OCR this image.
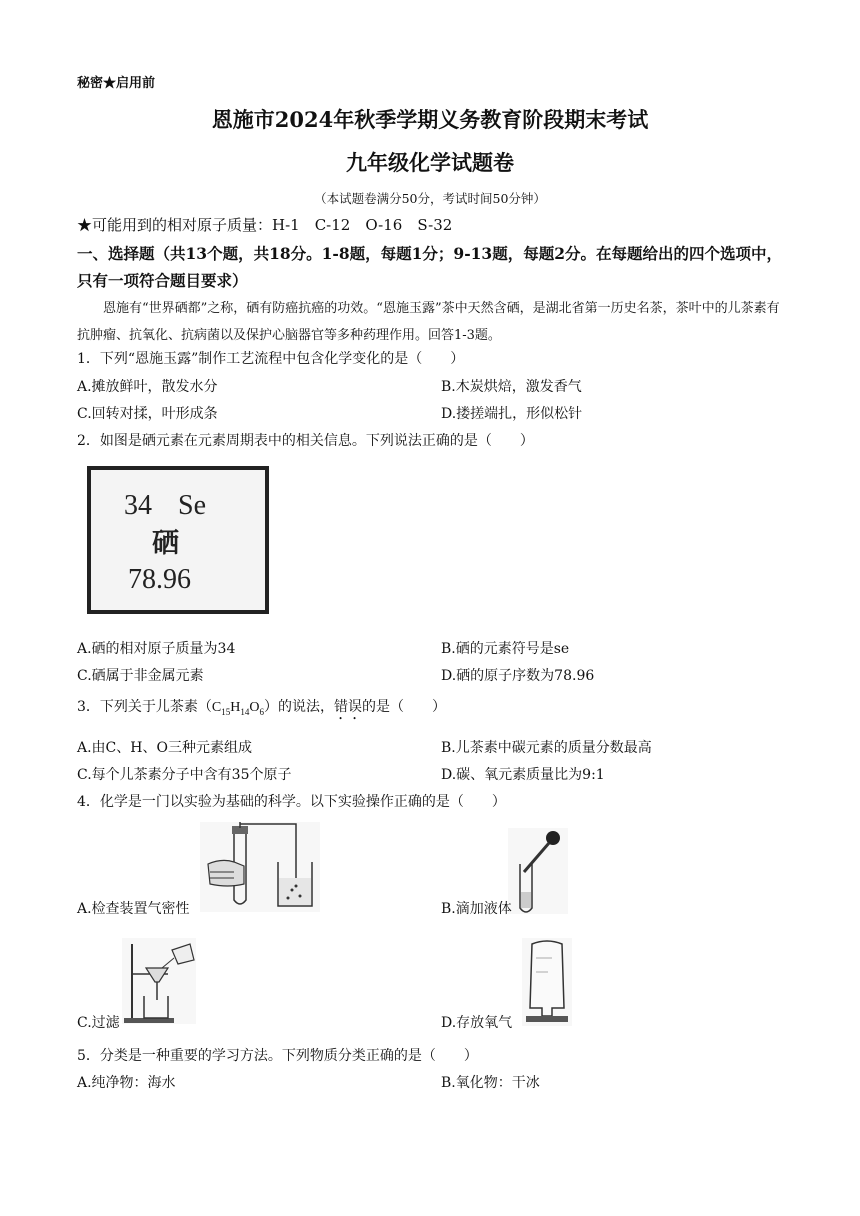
秘密★启用前
恩施市2024年秋季学期义务教育阶段期末考试
九年级化学试题卷
（本试题卷满分50分，考试时间50分钟）
★可能用到的相对原子质量：H-1　C-12　O-16　S-32
一、选择题（共13个题，共18分。1-8题，每题1分；9-13题，每题2分。在每题给出的四个选项中，只有一项符合题目要求）
恩施有“世界硒都”之称，硒有防癌抗癌的功效。“恩施玉露”茶中天然含硒，是湖北省第一历史名茶，茶叶中的儿茶素有抗肿瘤、抗氧化、抗病菌以及保护心脑器官等多种药理作用。回答1-3题。
1．下列“恩施玉露”制作工艺流程中包含化学变化的是（　　）
A.摊放鲜叶，散发水分	B.木炭烘焙，激发香气
C.回转对揉，叶形成条	D.搂搓端扎，形似松针
2．如图是硒元素在元素周期表中的相关信息。下列说法正确的是（　　）
34 Se
硒
78.96
A.硒的相对原子质量为34	B.硒的元素符号是se
C.硒属于非金属元素	D.硒的原子序数为78.96
3．下列关于儿茶素$(C_{15}H_{14}O_6)$的说法，错误的是（　　）
A.由C、H、O三种元素组成	B.儿茶素中碳元素的质量分数最高
C.每个儿茶素分子中含有35个原子	D.碳、氧元素质量比为9:1
4．化学是一门以实验为基础的科学。以下实验操作正确的是（　　）
A.检查装置气密性	B.滴加液体
C.过滤	D.存放氧气
5．分类是一种重要的学习方法。下列物质分类正确的是（　　）
A.纯净物：海水	B.氧化物：干冰
